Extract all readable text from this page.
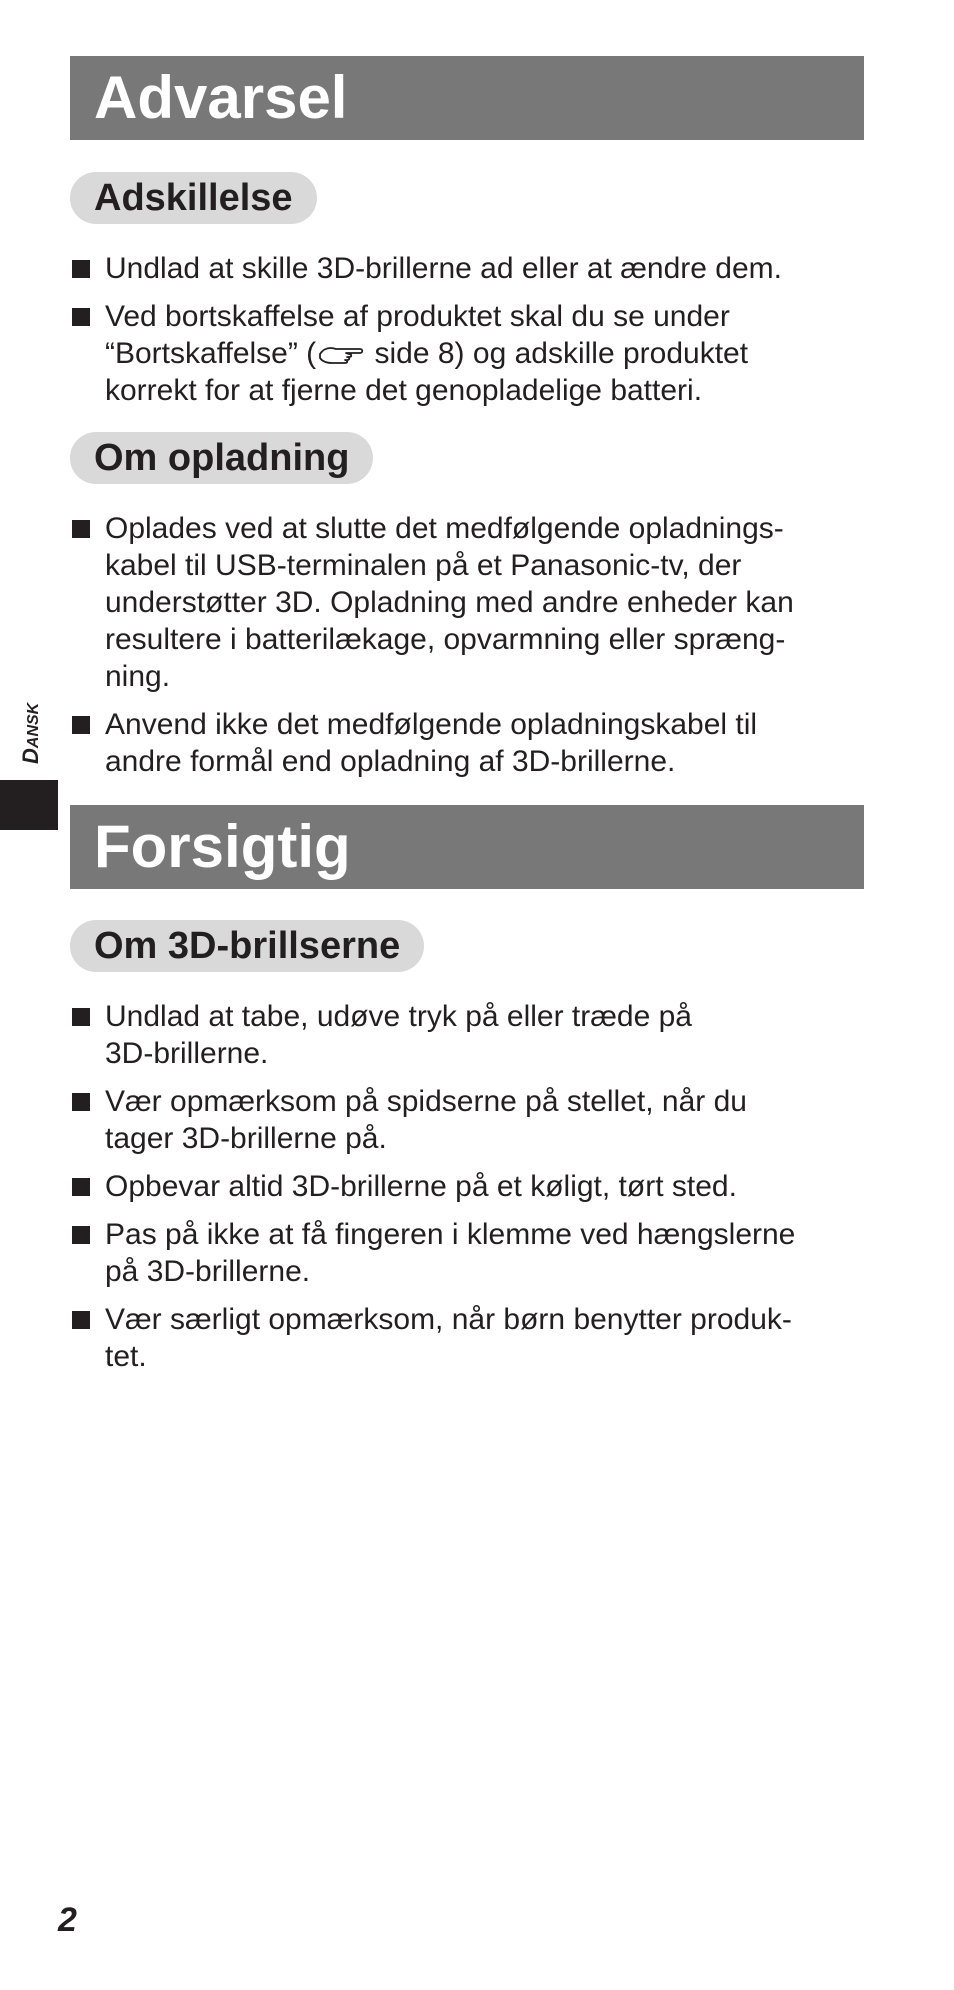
DANSK
Advarsel
Adskillelse
Undlad at skille 3D-brillerne ad eller at ændre dem.
Ved bortskaffelse af produktet skal du se under
“Bortskaffelse” ( side 8) og adskille produktet
korrekt for at fjerne det genopladelige batteri.
Om opladning
Oplades ved at slutte det medfølgende opladnings-
kabel til USB-terminalen på et Panasonic-tv, der
understøtter 3D. Opladning med andre enheder kan
resultere i batterilækage, opvarmning eller spræng-
ning.
Anvend ikke det medfølgende opladningskabel til
andre formål end opladning af 3D-brillerne.
Forsigtig
Om 3D-brillserne
Undlad at tabe, udøve tryk på eller træde på
3D-brillerne.
Vær opmærksom på spidserne på stellet, når du
tager 3D-brillerne på.
Opbevar altid 3D-brillerne på et køligt, tørt sted.
Pas på ikke at få fingeren i klemme ved hængslerne
på 3D-brillerne.
Vær særligt opmærksom, når børn benytter produk-
tet.
2
